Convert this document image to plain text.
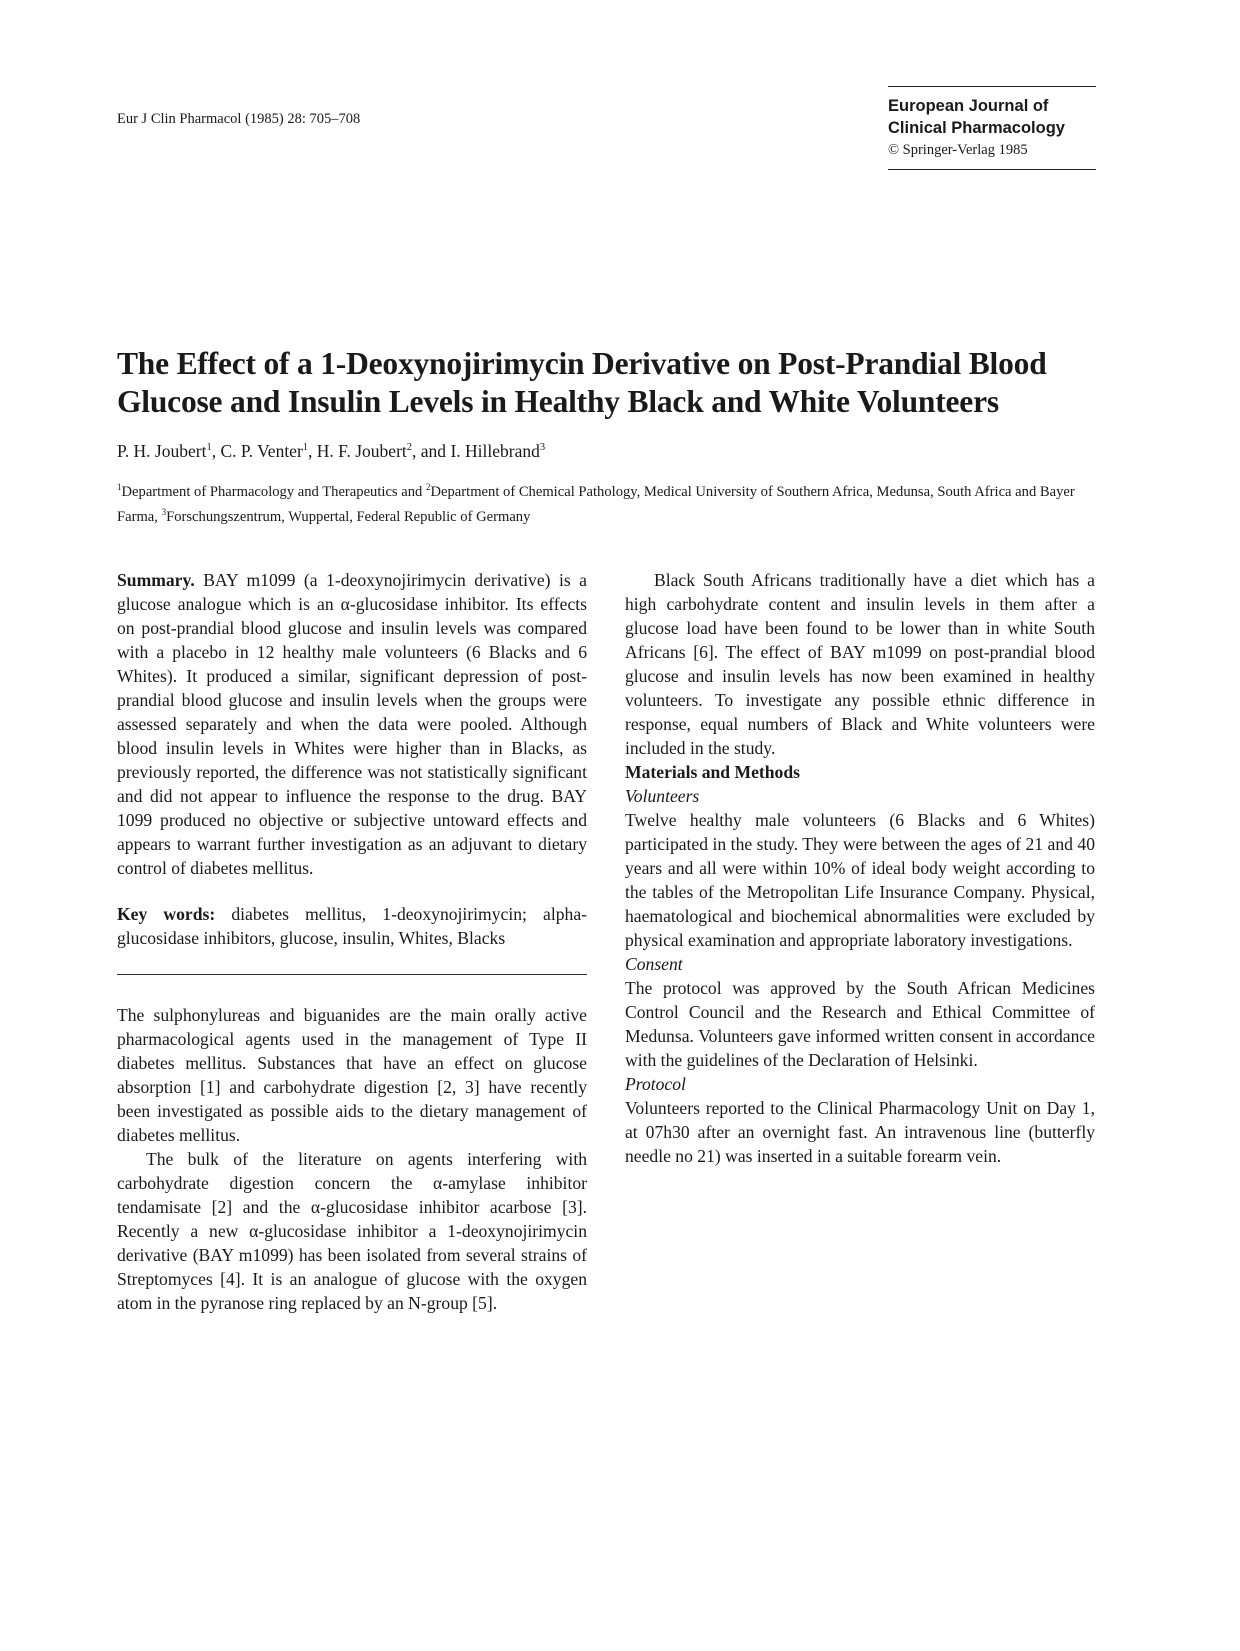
Eur J Clin Pharmacol (1985) 28: 705–708
European Journal of
Clinical Pharmacology
© Springer-Verlag 1985
The Effect of a 1-Deoxynojirimycin Derivative on Post-Prandial Blood
Glucose and Insulin Levels in Healthy Black and White Volunteers
P. H. Joubert$^1$, C. P. Venter$^1$, H. F. Joubert$^2$, and I. Hillebrand$^3$
$^1$Department of Pharmacology and Therapeutics and $^2$Department of Chemical Pathology, Medical University of Southern Africa, Medunsa, South Africa and Bayer Farma, $^3$Forschungszentrum, Wuppertal, Federal Republic of Germany

Summary. BAY m1099 (a 1-deoxynojirimycin derivative) is a glucose analogue which is an α-glucosidase inhibitor. Its effects on post-prandial blood glucose and insulin levels was compared with a placebo in 12 healthy male volunteers (6 Blacks and 6 Whites). It produced a similar, significant depression of post-prandial blood glucose and insulin levels when the groups were assessed separately and when the data were pooled. Although blood insulin levels in Whites were higher than in Blacks, as previously reported, the difference was not statistically significant and did not appear to influence the response to the drug. BAY 1099 produced no objective or subjective untoward effects and appears to warrant further investigation as an adjuvant to dietary control of diabetes mellitus.

Key words: diabetes mellitus, 1-deoxynojirimycin; alpha-glucosidase inhibitors, glucose, insulin, Whites, Blacks

The sulphonylureas and biguanides are the main orally active pharmacological agents used in the management of Type II diabetes mellitus. Substances that have an effect on glucose absorption [1] and carbohydrate digestion [2, 3] have recently been investigated as possible aids to the dietary management of diabetes mellitus.

The bulk of the literature on agents interfering with carbohydrate digestion concern the α-amylase inhibitor tendamisate [2] and the α-glucosidase inhibitor acarbose [3]. Recently a new α-glucosidase inhibitor a 1-deoxynojirimycin derivative (BAY m1099) has been isolated from several strains of Streptomyces [4]. It is an analogue of glucose with the oxygen atom in the pyranose ring replaced by an N-group [5].

Black South Africans traditionally have a diet which has a high carbohydrate content and insulin levels in them after a glucose load have been found to be lower than in white South Africans [6]. The effect of BAY m1099 on post-prandial blood glucose and insulin levels has now been examined in healthy volunteers. To investigate any possible ethnic difference in response, equal numbers of Black and White volunteers were included in the study.

Materials and Methods

Volunteers

Twelve healthy male volunteers (6 Blacks and 6 Whites) participated in the study. They were between the ages of 21 and 40 years and all were within 10% of ideal body weight according to the tables of the Metropolitan Life Insurance Company. Physical, haematological and biochemical abnormalities were excluded by physical examination and appropriate laboratory investigations.

Consent

The protocol was approved by the South African Medicines Control Council and the Research and Ethical Committee of Medunsa. Volunteers gave informed written consent in accordance with the guidelines of the Declaration of Helsinki.

Protocol

Volunteers reported to the Clinical Pharmacology Unit on Day 1, at 07h30 after an overnight fast. An intravenous line (butterfly needle no 21) was inserted in a suitable forearm vein.
